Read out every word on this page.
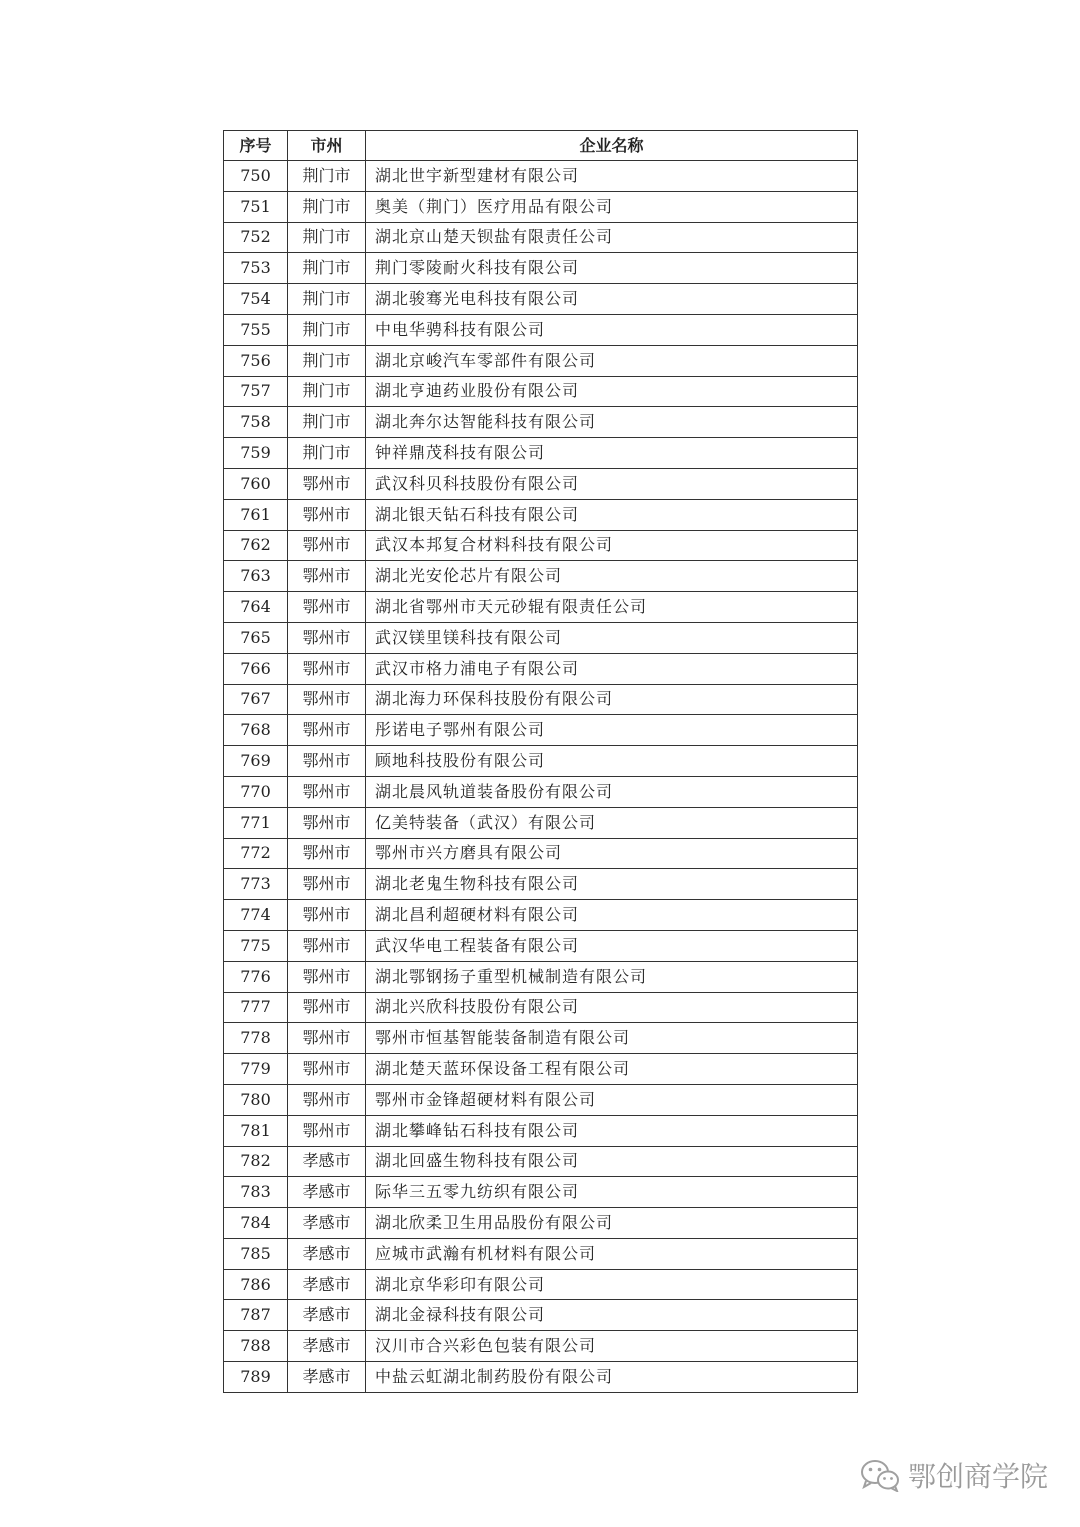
序号	市州	企业名称
750	荆门市	湖北世宇新型建材有限公司
751	荆门市	奥美（荆门）医疗用品有限公司
752	荆门市	湖北京山楚天钡盐有限责任公司
753	荆门市	荆门零陵耐火科技有限公司
754	荆门市	湖北骏骞光电科技有限公司
755	荆门市	中电华骋科技有限公司
756	荆门市	湖北京峻汽车零部件有限公司
757	荆门市	湖北亨迪药业股份有限公司
758	荆门市	湖北奔尔达智能科技有限公司
759	荆门市	钟祥鼎茂科技有限公司
760	鄂州市	武汉科贝科技股份有限公司
761	鄂州市	湖北银天钻石科技有限公司
762	鄂州市	武汉本邦复合材料科技有限公司
763	鄂州市	湖北光安伦芯片有限公司
764	鄂州市	湖北省鄂州市天元砂辊有限责任公司
765	鄂州市	武汉镁里镁科技有限公司
766	鄂州市	武汉市格力浦电子有限公司
767	鄂州市	湖北海力环保科技股份有限公司
768	鄂州市	彤诺电子鄂州有限公司
769	鄂州市	顾地科技股份有限公司
770	鄂州市	湖北晨风轨道装备股份有限公司
771	鄂州市	亿美特装备（武汉）有限公司
772	鄂州市	鄂州市兴方磨具有限公司
773	鄂州市	湖北老鬼生物科技有限公司
774	鄂州市	湖北昌利超硬材料有限公司
775	鄂州市	武汉华电工程装备有限公司
776	鄂州市	湖北鄂钢扬子重型机械制造有限公司
777	鄂州市	湖北兴欣科技股份有限公司
778	鄂州市	鄂州市恒基智能装备制造有限公司
779	鄂州市	湖北楚天蓝环保设备工程有限公司
780	鄂州市	鄂州市金锋超硬材料有限公司
781	鄂州市	湖北攀峰钻石科技有限公司
782	孝感市	湖北回盛生物科技有限公司
783	孝感市	际华三五零九纺织有限公司
784	孝感市	湖北欣柔卫生用品股份有限公司
785	孝感市	应城市武瀚有机材料有限公司
786	孝感市	湖北京华彩印有限公司
787	孝感市	湖北金禄科技有限公司
788	孝感市	汉川市合兴彩色包装有限公司
789	孝感市	中盐云虹湖北制药股份有限公司
鄂创商学院
